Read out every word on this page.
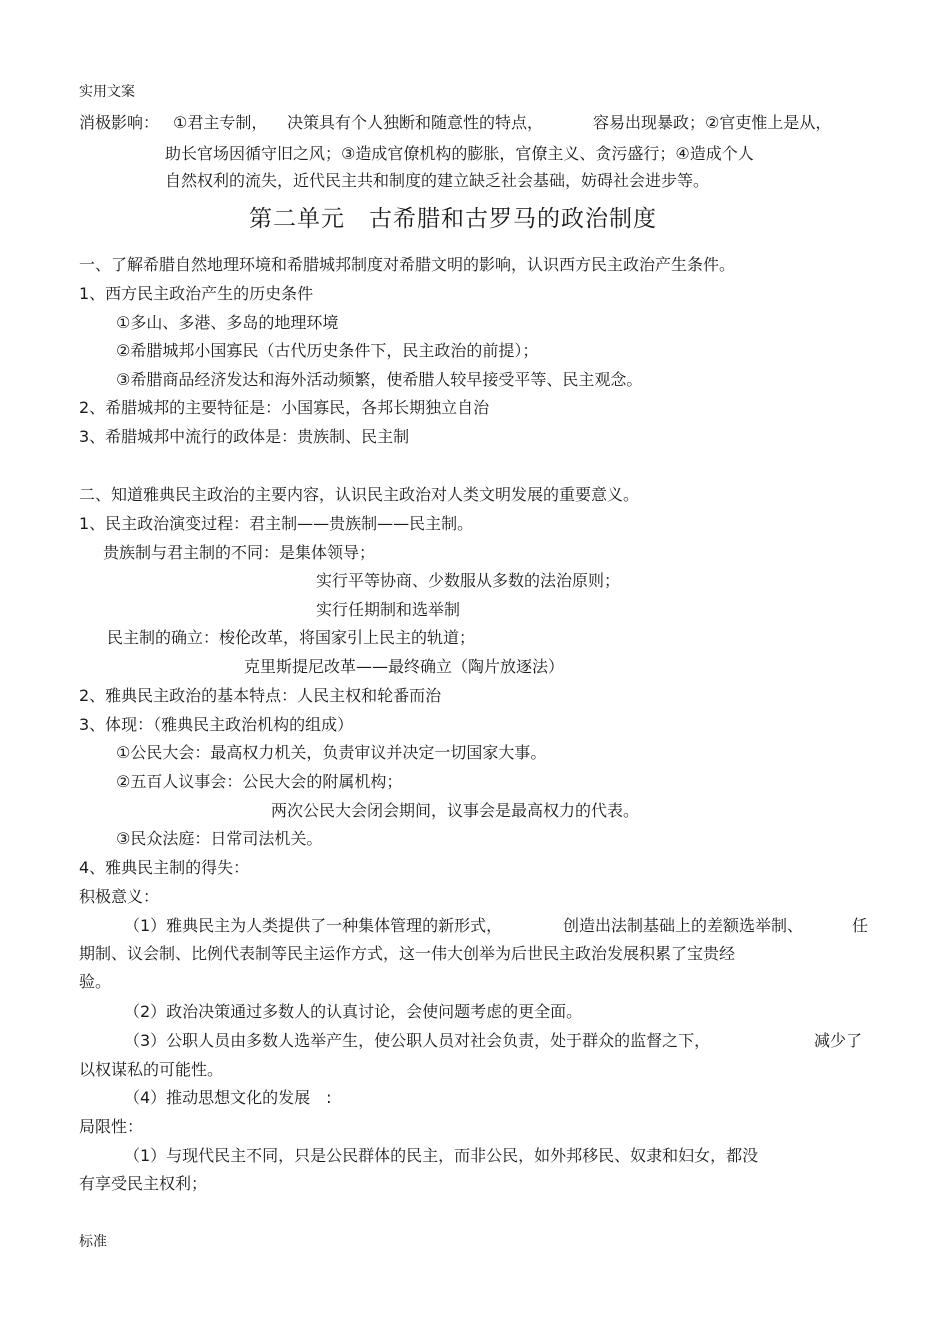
实用文案
消极影响： ①君主专制， 决策具有个人独断和随意性的特点，	容易出现暴政；②官吏惟上是从，
助长官场因循守旧之风；③造成官僚机构的膨胀，官僚主义、贪污盛行；④造成个人
自然权利的流失，近代民主共和制度的建立缺乏社会基础，妨碍社会进步等。
第二单元　古希腊和古罗马的政治制度
一、了解希腊自然地理环境和希腊城邦制度对希腊文明的影响，认识西方民主政治产生条件。
1、西方民主政治产生的历史条件
①多山、多港、多岛的地理环境
②希腊城邦小国寡民（古代历史条件下，民主政治的前提）；
③希腊商品经济发达和海外活动频繁，使希腊人较早接受平等、民主观念。
2、希腊城邦的主要特征是：小国寡民，各邦长期独立自治
3、希腊城邦中流行的政体是：贵族制、民主制
二、知道雅典民主政治的主要内容，认识民主政治对人类文明发展的重要意义。
1、民主政治演变过程：君主制——贵族制——民主制。
贵族制与君主制的不同：是集体领导；
实行平等协商、少数服从多数的法治原则；
实行任期制和选举制
民主制的确立：梭伦改革，将国家引上民主的轨道；
克里斯提尼改革——最终确立（陶片放逐法）
2、雅典民主政治的基本特点：人民主权和轮番而治
3、体现：（雅典民主政治机构的组成）
①公民大会：最高权力机关，负责审议并决定一切国家大事。
②五百人议事会：公民大会的附属机构；
两次公民大会闭会期间，议事会是最高权力的代表。
③民众法庭：日常司法机关。
4、雅典民主制的得失：
积极意义：
（1）雅典民主为人类提供了一种集体管理的新形式，	创造出法制基础上的差额选举制、	任
期制、议会制、比例代表制等民主运作方式，这一伟大创举为后世民主政治发展积累了宝贵经
验。
（2）政治决策通过多数人的认真讨论，会使问题考虑的更全面。
（3）公职人员由多数人选举产生，使公职人员对社会负责，处于群众的监督之下，	减少了
以权谋私的可能性。
（4）推动思想文化的发展　:
局限性：
（1）与现代民主不同，只是公民群体的民主，而非公民，如外邦移民、奴隶和妇女，都没
有享受民主权利；
标准
